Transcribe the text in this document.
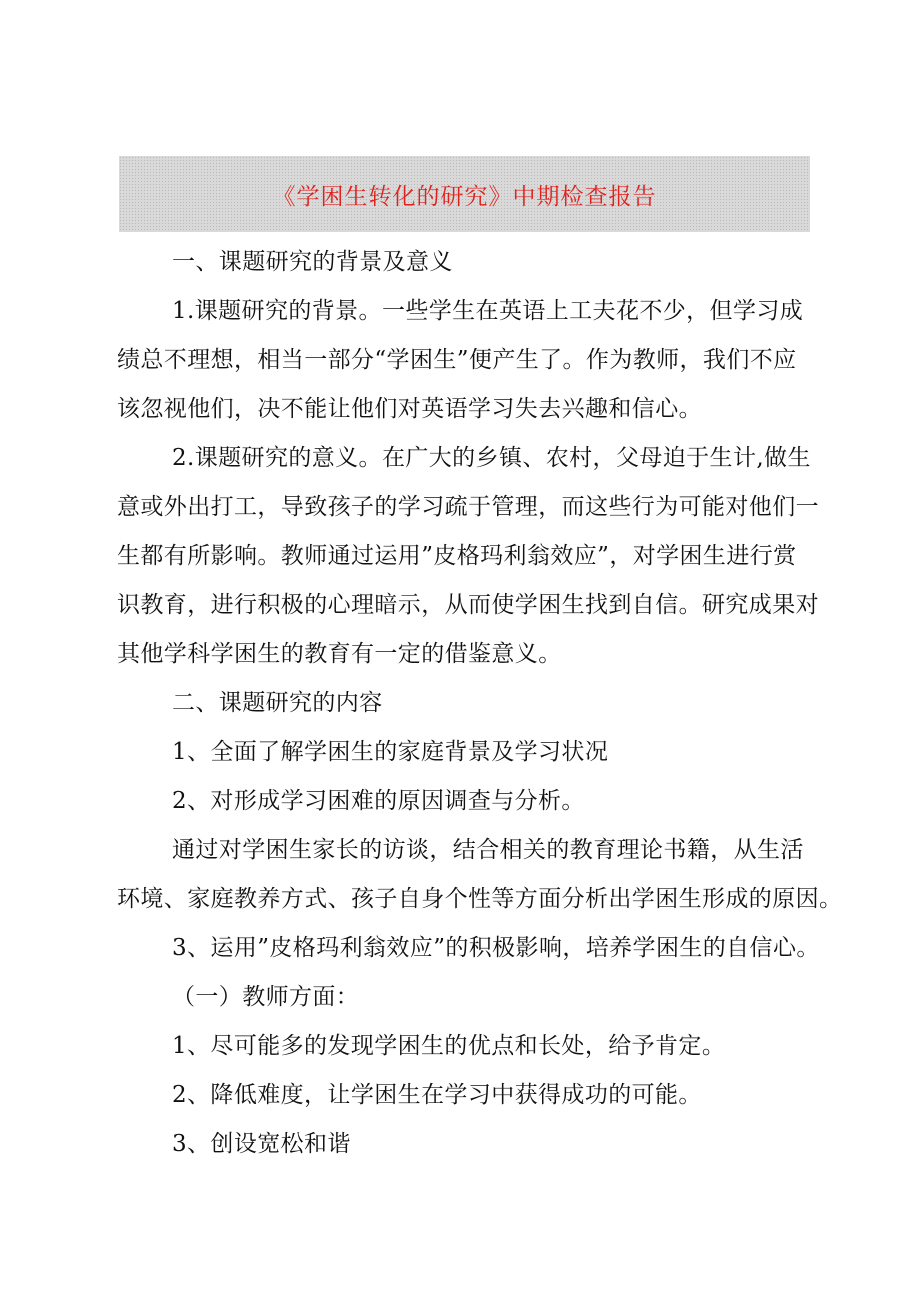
《学困生转化的研究》中期检查报告
一、课题研究的背景及意义
1.课题研究的背景。一些学生在英语上工夫花不少，但学习成
绩总不理想，相当一部分“学困生”便产生了。作为教师，我们不应
该忽视他们，决不能让他们对英语学习失去兴趣和信心。
2.课题研究的意义。在广大的乡镇、农村，父母迫于生计,做生
意或外出打工，导致孩子的学习疏于管理，而这些行为可能对他们一
生都有所影响。教师通过运用”皮格玛利翁效应”，对学困生进行赏
识教育，进行积极的心理暗示，从而使学困生找到自信。研究成果对
其他学科学困生的教育有一定的借鉴意义。
二、课题研究的内容
1、全面了解学困生的家庭背景及学习状况
2、对形成学习困难的原因调查与分析。
通过对学困生家长的访谈，结合相关的教育理论书籍，从生活
环境、家庭教养方式、孩子自身个性等方面分析出学困生形成的原因。
3、运用”皮格玛利翁效应”的积极影响，培养学困生的自信心。
（一）教师方面：
1、尽可能多的发现学困生的优点和长处，给予肯定。
2、降低难度，让学困生在学习中获得成功的可能。
3、创设宽松和谐
